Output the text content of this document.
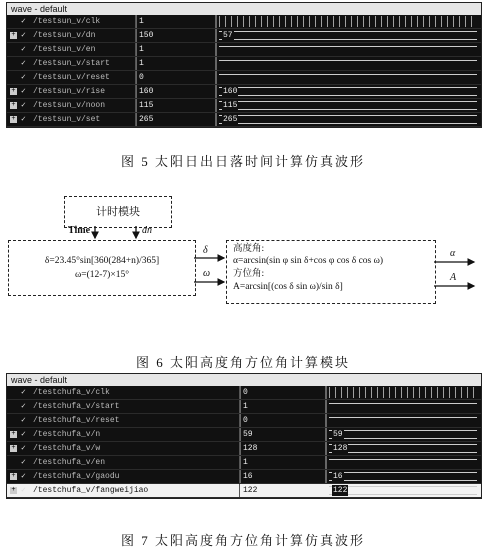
wave - default
✓ /testsun_v/clk	1
+ ✓ /testsun_v/dn	150	57
✓ /testsun_v/en	1
✓ /testsun_v/start	1
✓ /testsun_v/reset	0
+ ✓ /testsun_v/rise	160	160
+ ✓ /testsun_v/noon	115	115
+ ✓ /testsun_v/set	265	265
图 5 太阳日出日落时间计算仿真波形
计时模块
δ=23.45°sin[360(284+n)/365]
ω=(12-7)×15°
高度角:
α=arcsin(sin φ sin δ+cos φ cos δ cos ω)
方位角:
A=arcsin[(cos δ sin ω)/sin δ]
Time	dn
δ
ω
α
A
图 6 太阳高度角方位角计算模块
wave - default
✓ /testchufa_v/clk	0
✓ /testchufa_v/start	1
✓ /testchufa_v/reset	0
+ ✓ /testchufa_v/n	59	59
+ ✓ /testchufa_v/w	128	128
✓ /testchufa_v/en	1
+ ✓ /testchufa_v/gaodu	16	16
+ ✓ /testchufa_v/fangweijiao	122	122
图 7 太阳高度角方位角计算仿真波形
